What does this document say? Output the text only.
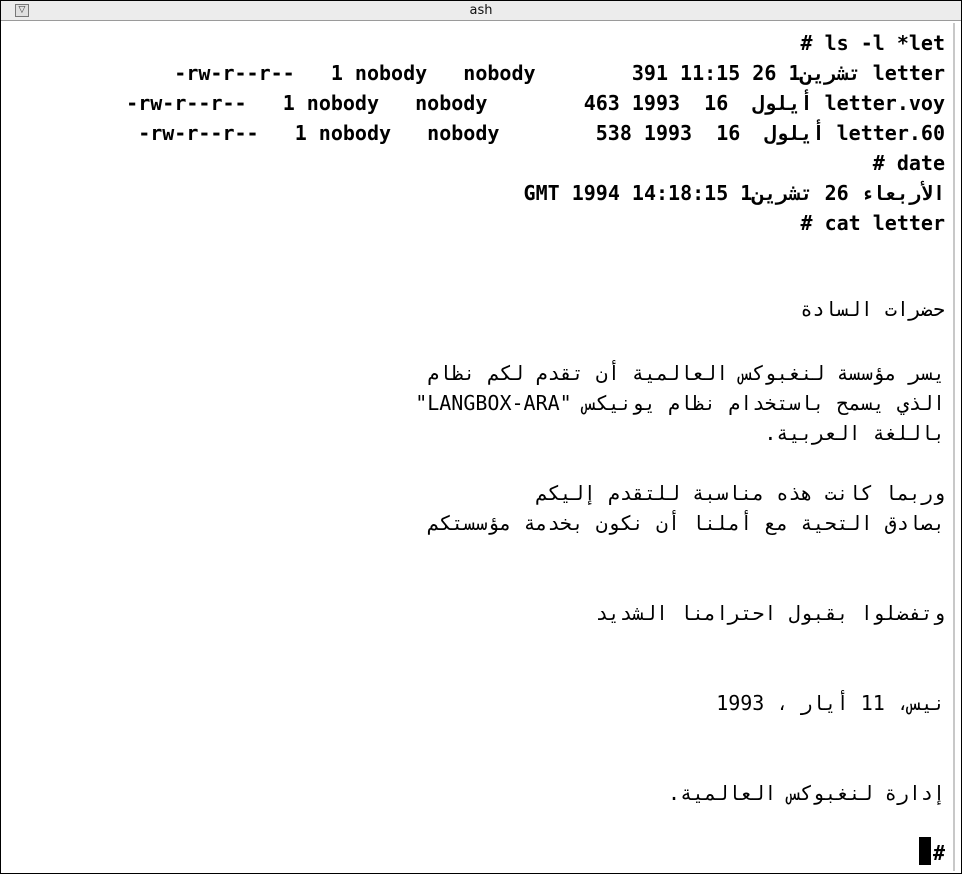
▽	ash
# ls -l *let
-rw-r--r--   1 nobody   nobody        391 تشرين1 26 11:15 letter
-rw-r--r--   1 nobody   nobody        463 أيلول  16  1993 letter.voy
-rw-r--r--   1 nobody   nobody        538 أيلول  16  1993 letter.60
# date
الأربعاء 26 تشرين1 14:18:15 GMT 1994
# cat letter
حضرات السادة
يسر مؤسسة لنغبوكس العالمية أن تقدم لكم نظام
"LANGBOX-ARA" الذي يسمح باستخدام نظام يونيكس
باللغة العربية.
وربما كانت هذه مناسبة للتقدم إليكم
بصادق التحية مع أملنا أن نكون بخدمة مؤسستكم
وتفضلوا بقبول احترامنا الشديد
نيس، 11 أيار ، 1993
إدارة لنغبوكس العالمية.
#
